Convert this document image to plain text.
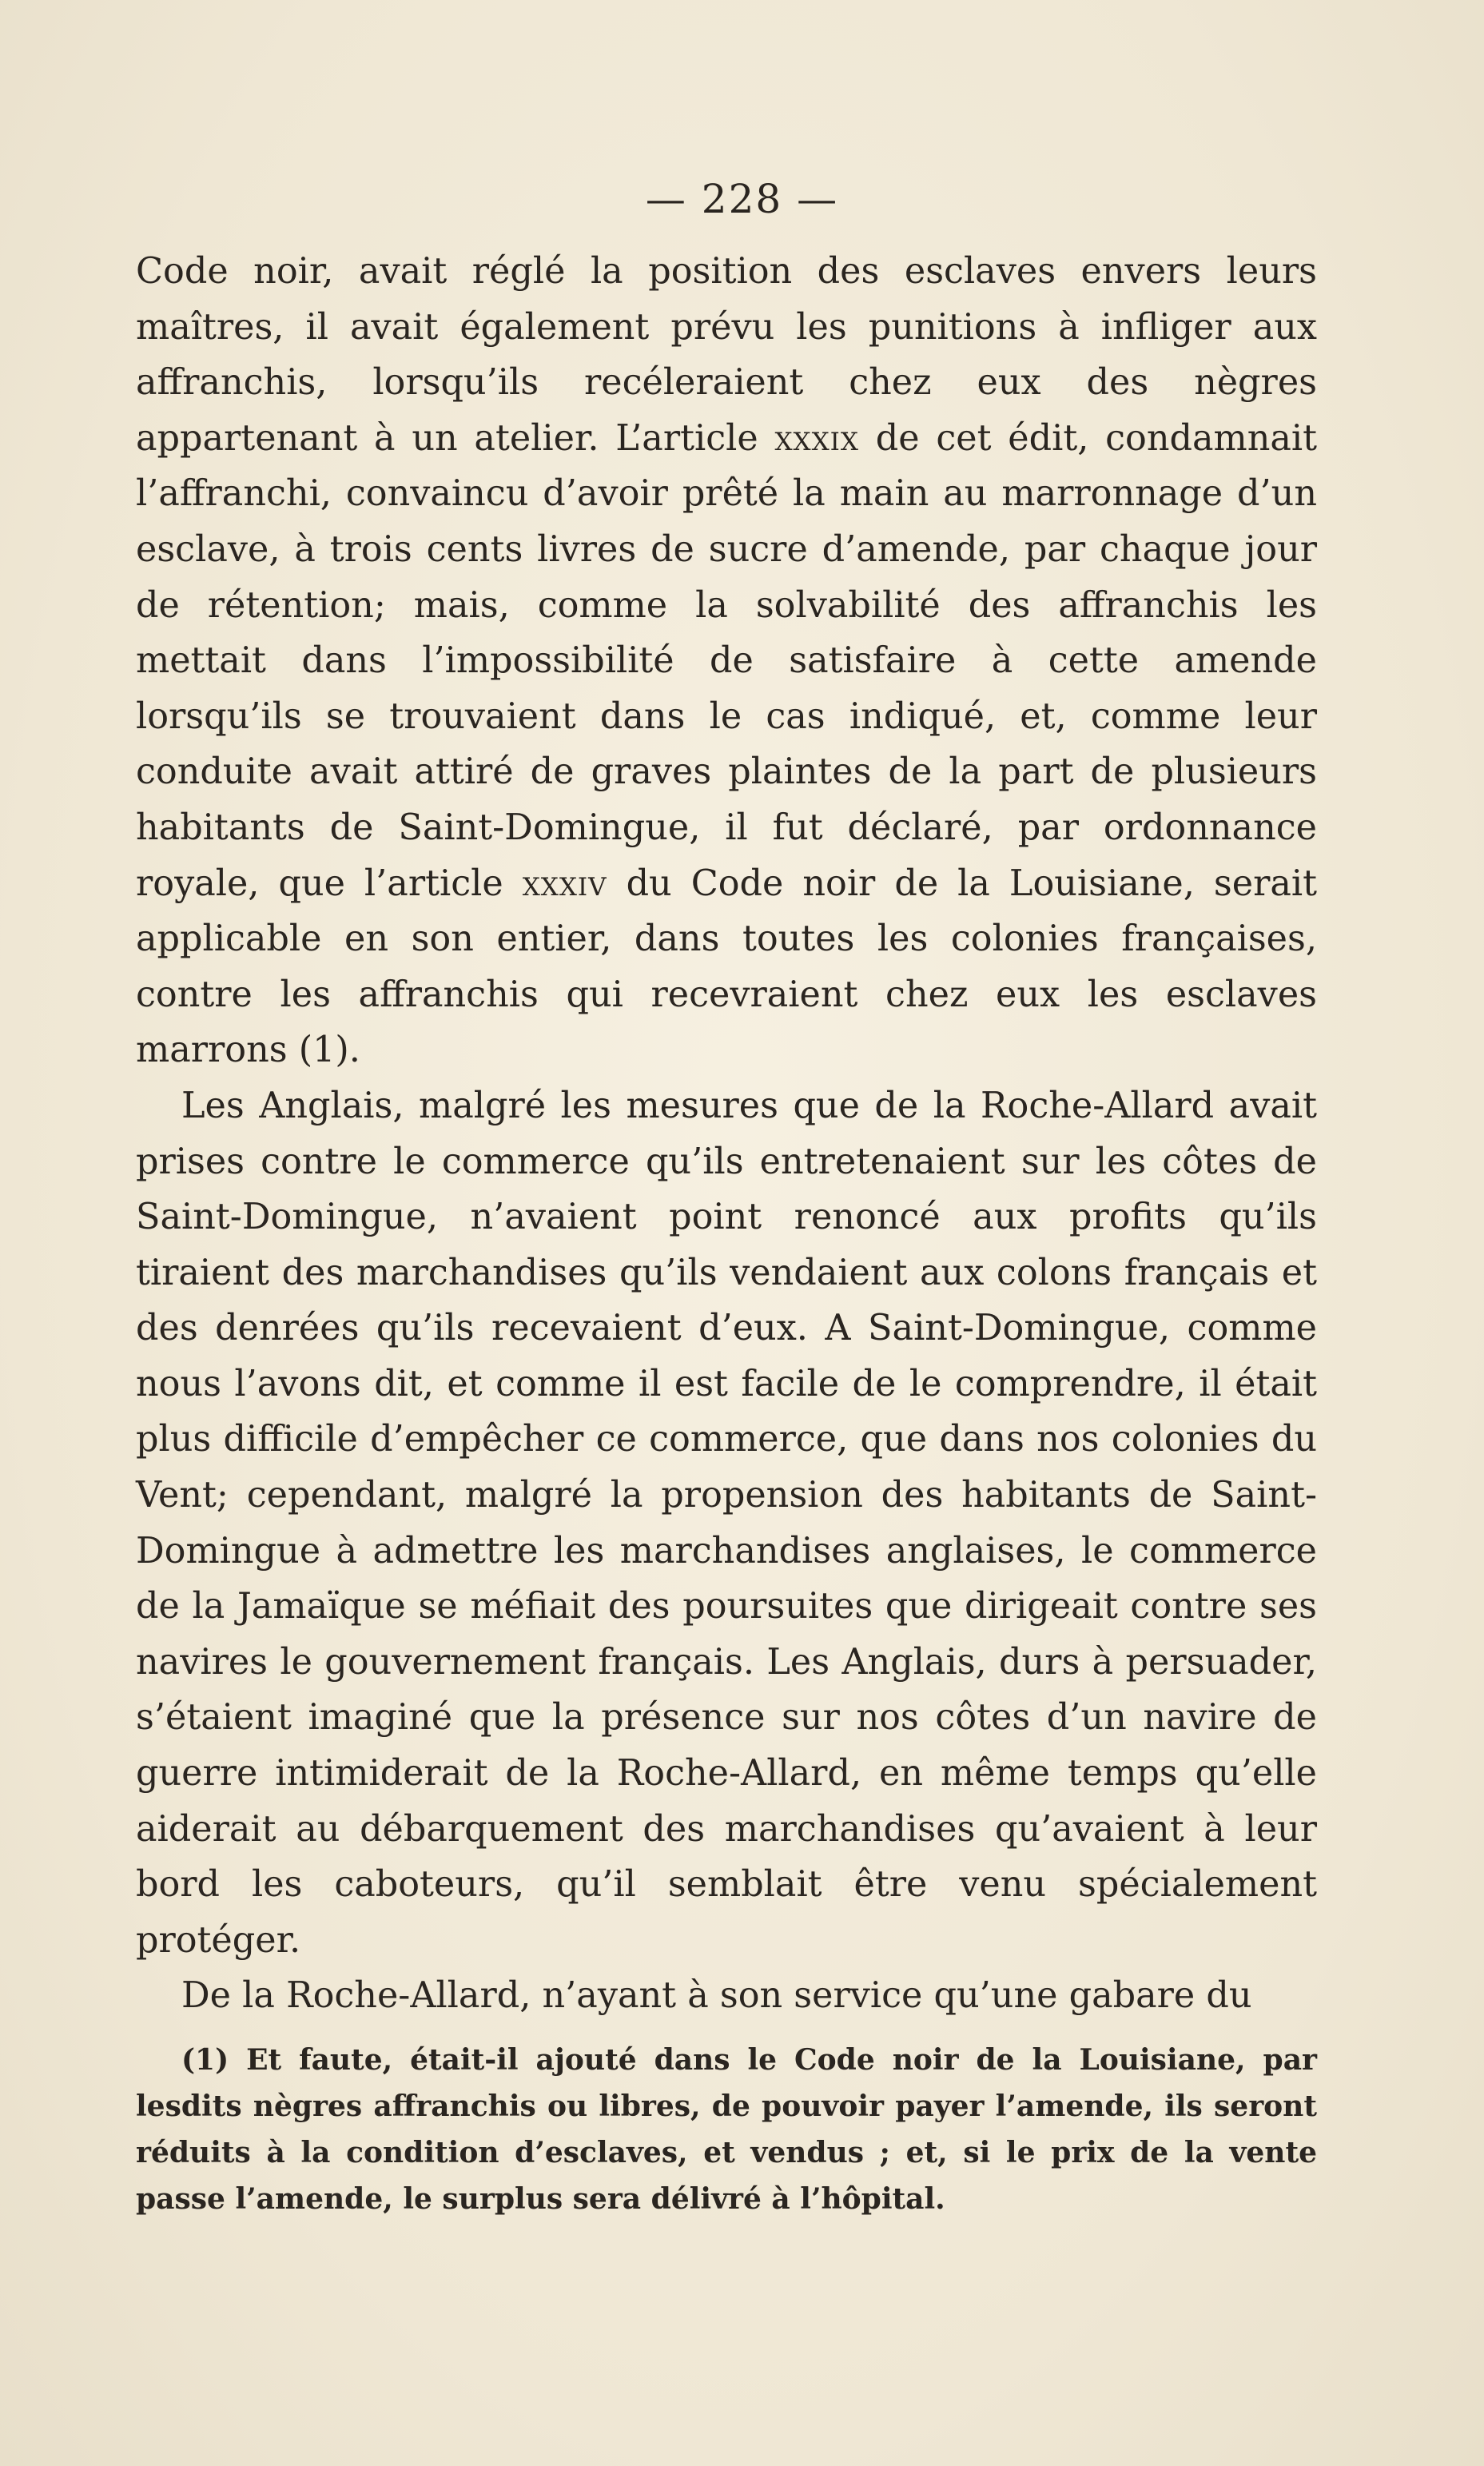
— 228 —

Code noir, avait réglé la position des esclaves envers leurs maîtres, il avait également prévu les punitions à infliger aux affranchis, lorsqu’ils recéleraient chez eux des nègres appartenant à un atelier. L’article xxxix de cet édit, condamnait l’affranchi, convaincu d’avoir prêté la main au marronnage d’un esclave, à trois cents livres de sucre d’amende, par chaque jour de rétention; mais, comme la solvabilité des affranchis les mettait dans l’impossibilité de satisfaire à cette amende lorsqu’ils se trouvaient dans le cas indiqué, et, comme leur conduite avait attiré de graves plaintes de la part de plusieurs habitants de Saint-Domingue, il fut déclaré, par ordonnance royale, que l’article xxxiv du Code noir de la Louisiane, serait applicable en son entier, dans toutes les colonies françaises, contre les affranchis qui recevraient chez eux les esclaves marrons (1).

Les Anglais, malgré les mesures que de la Roche-Allard avait prises contre le commerce qu’ils entretenaient sur les côtes de Saint-Domingue, n’avaient point renoncé aux profits qu’ils tiraient des marchandises qu’ils vendaient aux colons français et des denrées qu’ils recevaient d’eux. A Saint-Domingue, comme nous l’avons dit, et comme il est facile de le comprendre, il était plus difficile d’empêcher ce commerce, que dans nos colonies du Vent; cependant, malgré la propension des habitants de Saint-Domingue à admettre les marchandises anglaises, le commerce de la Jamaïque se méfiait des poursuites que dirigeait contre ses navires le gouvernement français. Les Anglais, durs à persuader, s’étaient imaginé que la présence sur nos côtes d’un navire de guerre intimiderait de la Roche-Allard, en même temps qu’elle aiderait au débarquement des marchandises qu’avaient à leur bord les caboteurs, qu’il semblait être venu spécialement protéger.

De la Roche-Allard, n’ayant à son service qu’une gabare du

(1) Et faute, était-il ajouté dans le Code noir de la Louisiane, par lesdits nègres affranchis ou libres, de pouvoir payer l’amende, ils seront réduits à la condition d’esclaves, et vendus ; et, si le prix de la vente passe l’amende, le surplus sera délivré à l’hôpital.
